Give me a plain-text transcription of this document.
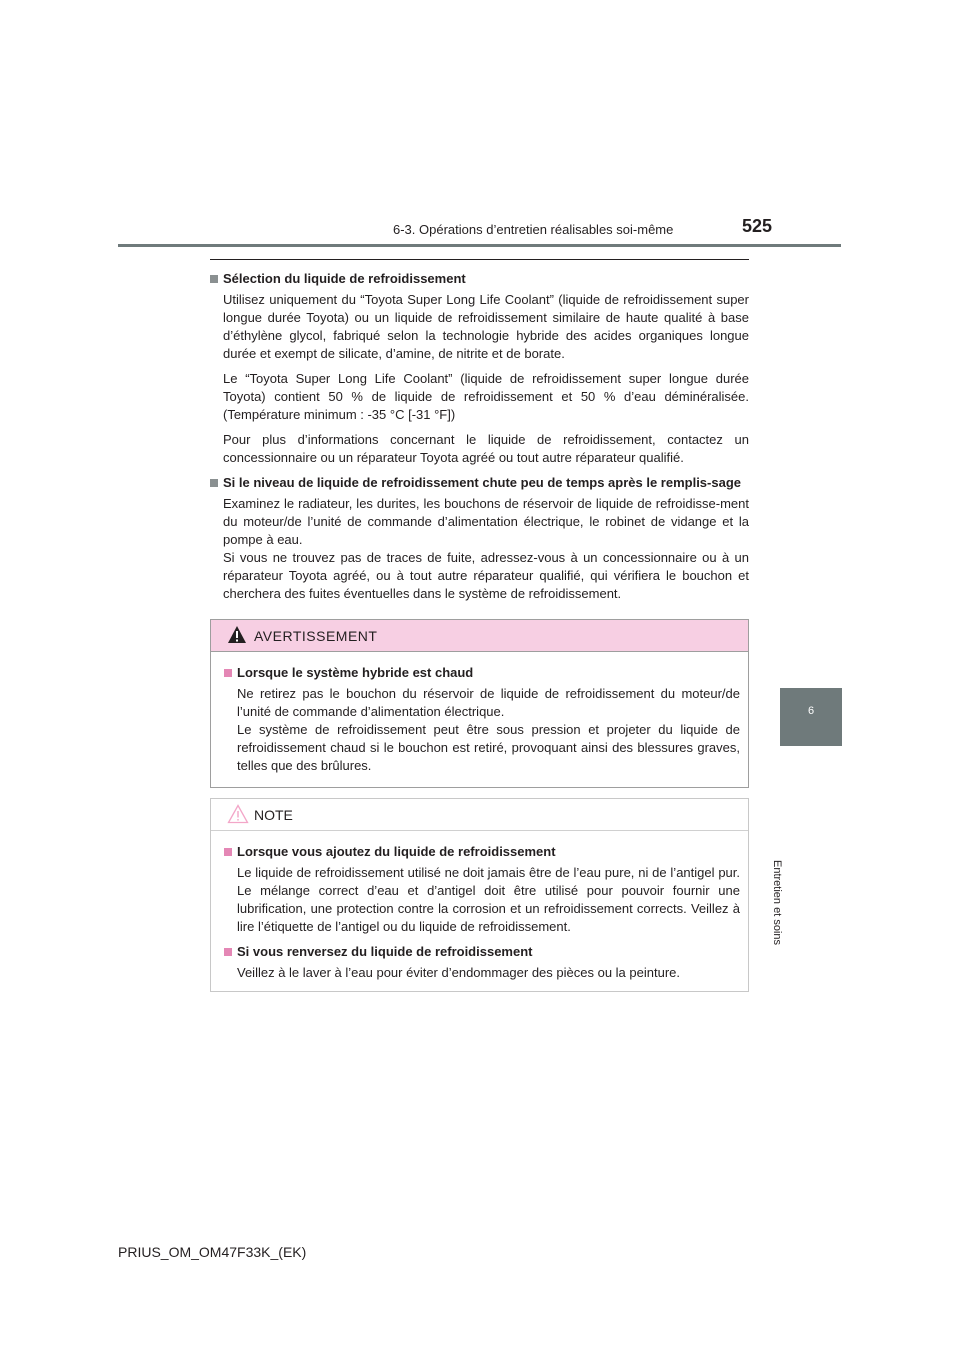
6-3. Opérations d’entretien réalisables soi-même	525
6
Entretien et soins
Sélection du liquide de refroidissement

Utilisez uniquement du “Toyota Super Long Life Coolant” (liquide de refroidissement super longue durée Toyota) ou un liquide de refroidissement similaire de haute qualité à base d’éthylène glycol, fabriqué selon la technologie hybride des acides organiques longue durée et exempt de silicate, d’amine, de nitrite et de borate.

Le “Toyota Super Long Life Coolant” (liquide de refroidissement super longue durée Toyota) contient 50 % de liquide de refroidissement et 50 % d’eau déminéralisée. (Température minimum : -35 °C [-31 °F])

Pour plus d’informations concernant le liquide de refroidissement, contactez un concessionnaire ou un réparateur Toyota agréé ou tout autre réparateur qualifié.

Si le niveau de liquide de refroidissement chute peu de temps après le remplis-sage

Examinez le radiateur, les durites, les bouchons de réservoir de liquide de refroidisse-ment du moteur/de l’unité de commande d’alimentation électrique, le robinet de vidange et la pompe à eau.

Si vous ne trouvez pas de traces de fuite, adressez-vous à un concessionnaire ou à un réparateur Toyota agréé, ou à tout autre réparateur qualifié, qui vérifiera le bouchon et cherchera des fuites éventuelles dans le système de refroidissement.

AVERTISSEMENT
Lorsque le système hybride est chaud

Ne retirez pas le bouchon du réservoir de liquide de refroidissement du moteur/de l’unité de commande d’alimentation électrique.

Le système de refroidissement peut être sous pression et projeter du liquide de refroidissement chaud si le bouchon est retiré, provoquant ainsi des blessures graves, telles que des brûlures.

NOTE
Lorsque vous ajoutez du liquide de refroidissement

Le liquide de refroidissement utilisé ne doit jamais être de l’eau pure, ni de l’antigel pur. Le mélange correct d’eau et d’antigel doit être utilisé pour pouvoir fournir une lubrification, une protection contre la corrosion et un refroidissement corrects. Veillez à lire l’étiquette de l’antigel ou du liquide de refroidissement.

Si vous renversez du liquide de refroidissement

Veillez à le laver à l’eau pour éviter d’endommager des pièces ou la peinture.

PRIUS_OM_OM47F33K_(EK)
